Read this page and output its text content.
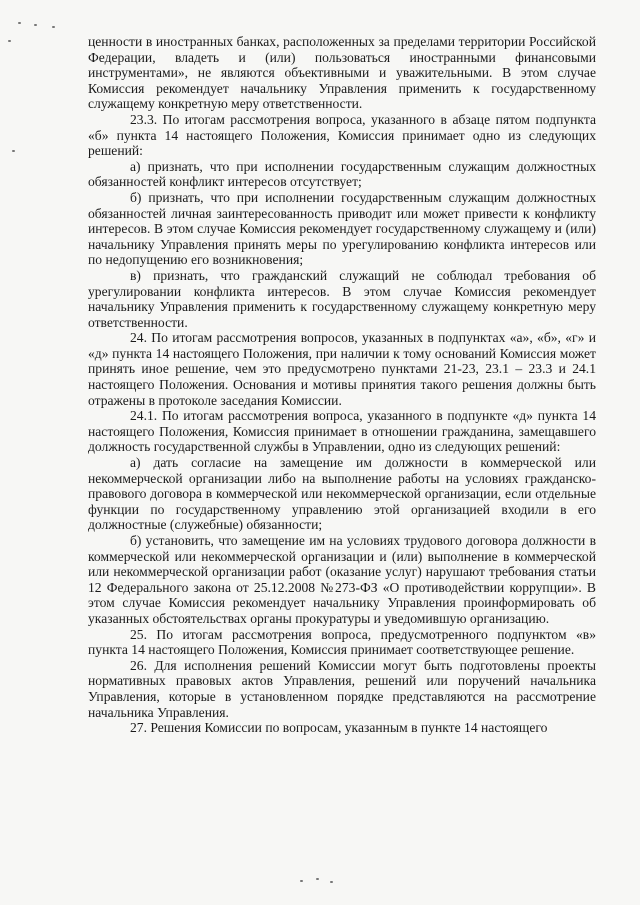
ценности в иностранных банках, расположенных за пределами территории Российской Федерации, владеть и (или) пользоваться иностранными финансовыми инструментами», не являются объективными и уважительными. В этом случае Комиссия рекомендует начальнику Управления применить к государственному служащему конкретную меру ответственности.

23.3. По итогам рассмотрения вопроса, указанного в абзаце пятом подпункта «б» пункта 14 настоящего Положения, Комиссия принимает одно из следующих решений:

а) признать, что при исполнении государственным служащим должностных обязанностей конфликт интересов отсутствует;

б) признать, что при исполнении государственным служащим должностных обязанностей личная заинтересованность приводит или может привести к конфликту интересов. В этом случае Комиссия рекомендует государственному служащему и (или) начальнику Управления принять меры по урегулированию конфликта интересов или по недопущению его возникновения;

в) признать, что гражданский служащий не соблюдал требования об урегулировании конфликта интересов. В этом случае Комиссия рекомендует начальнику Управления применить к государственному служащему конкретную меру ответственности.

24. По итогам рассмотрения вопросов, указанных в подпунктах «а», «б», «г» и «д» пункта 14 настоящего Положения, при наличии к тому оснований Комиссия может принять иное решение, чем это предусмотрено пунктами 21-23, 23.1 – 23.3 и 24.1 настоящего Положения. Основания и мотивы принятия такого решения должны быть отражены в протоколе заседания Комиссии.

24.1. По итогам рассмотрения вопроса, указанного в подпункте «д» пункта 14 настоящего Положения, Комиссия принимает в отношении гражданина, замещавшего должность государственной службы в Управлении, одно из следующих решений:

а) дать согласие на замещение им должности в коммерческой или некоммерческой организации либо на выполнение работы на условиях гражданско-правового договора в коммерческой или некоммерческой организации, если отдельные функции по государственному управлению этой организацией входили в его должностные (служебные) обязанности;

б) установить, что замещение им на условиях трудового договора должности в коммерческой или некоммерческой организации и (или) выполнение в коммерческой или некоммерческой организации работ (оказание услуг) нарушают требования статьи 12 Федерального закона от 25.12.2008 №273-ФЗ «О противодействии коррупции». В этом случае Комиссия рекомендует начальнику Управления проинформировать об указанных обстоятельствах органы прокуратуры и уведомившую организацию.

25. По итогам рассмотрения вопроса, предусмотренного подпунктом «в» пункта 14 настоящего Положения, Комиссия принимает соответствующее решение.

26. Для исполнения решений Комиссии могут быть подготовлены проекты нормативных правовых актов Управления, решений или поручений начальника Управления, которые в установленном порядке представляются на рассмотрение начальника Управления.

27. Решения Комиссии по вопросам, указанным в пункте 14 настоящего
